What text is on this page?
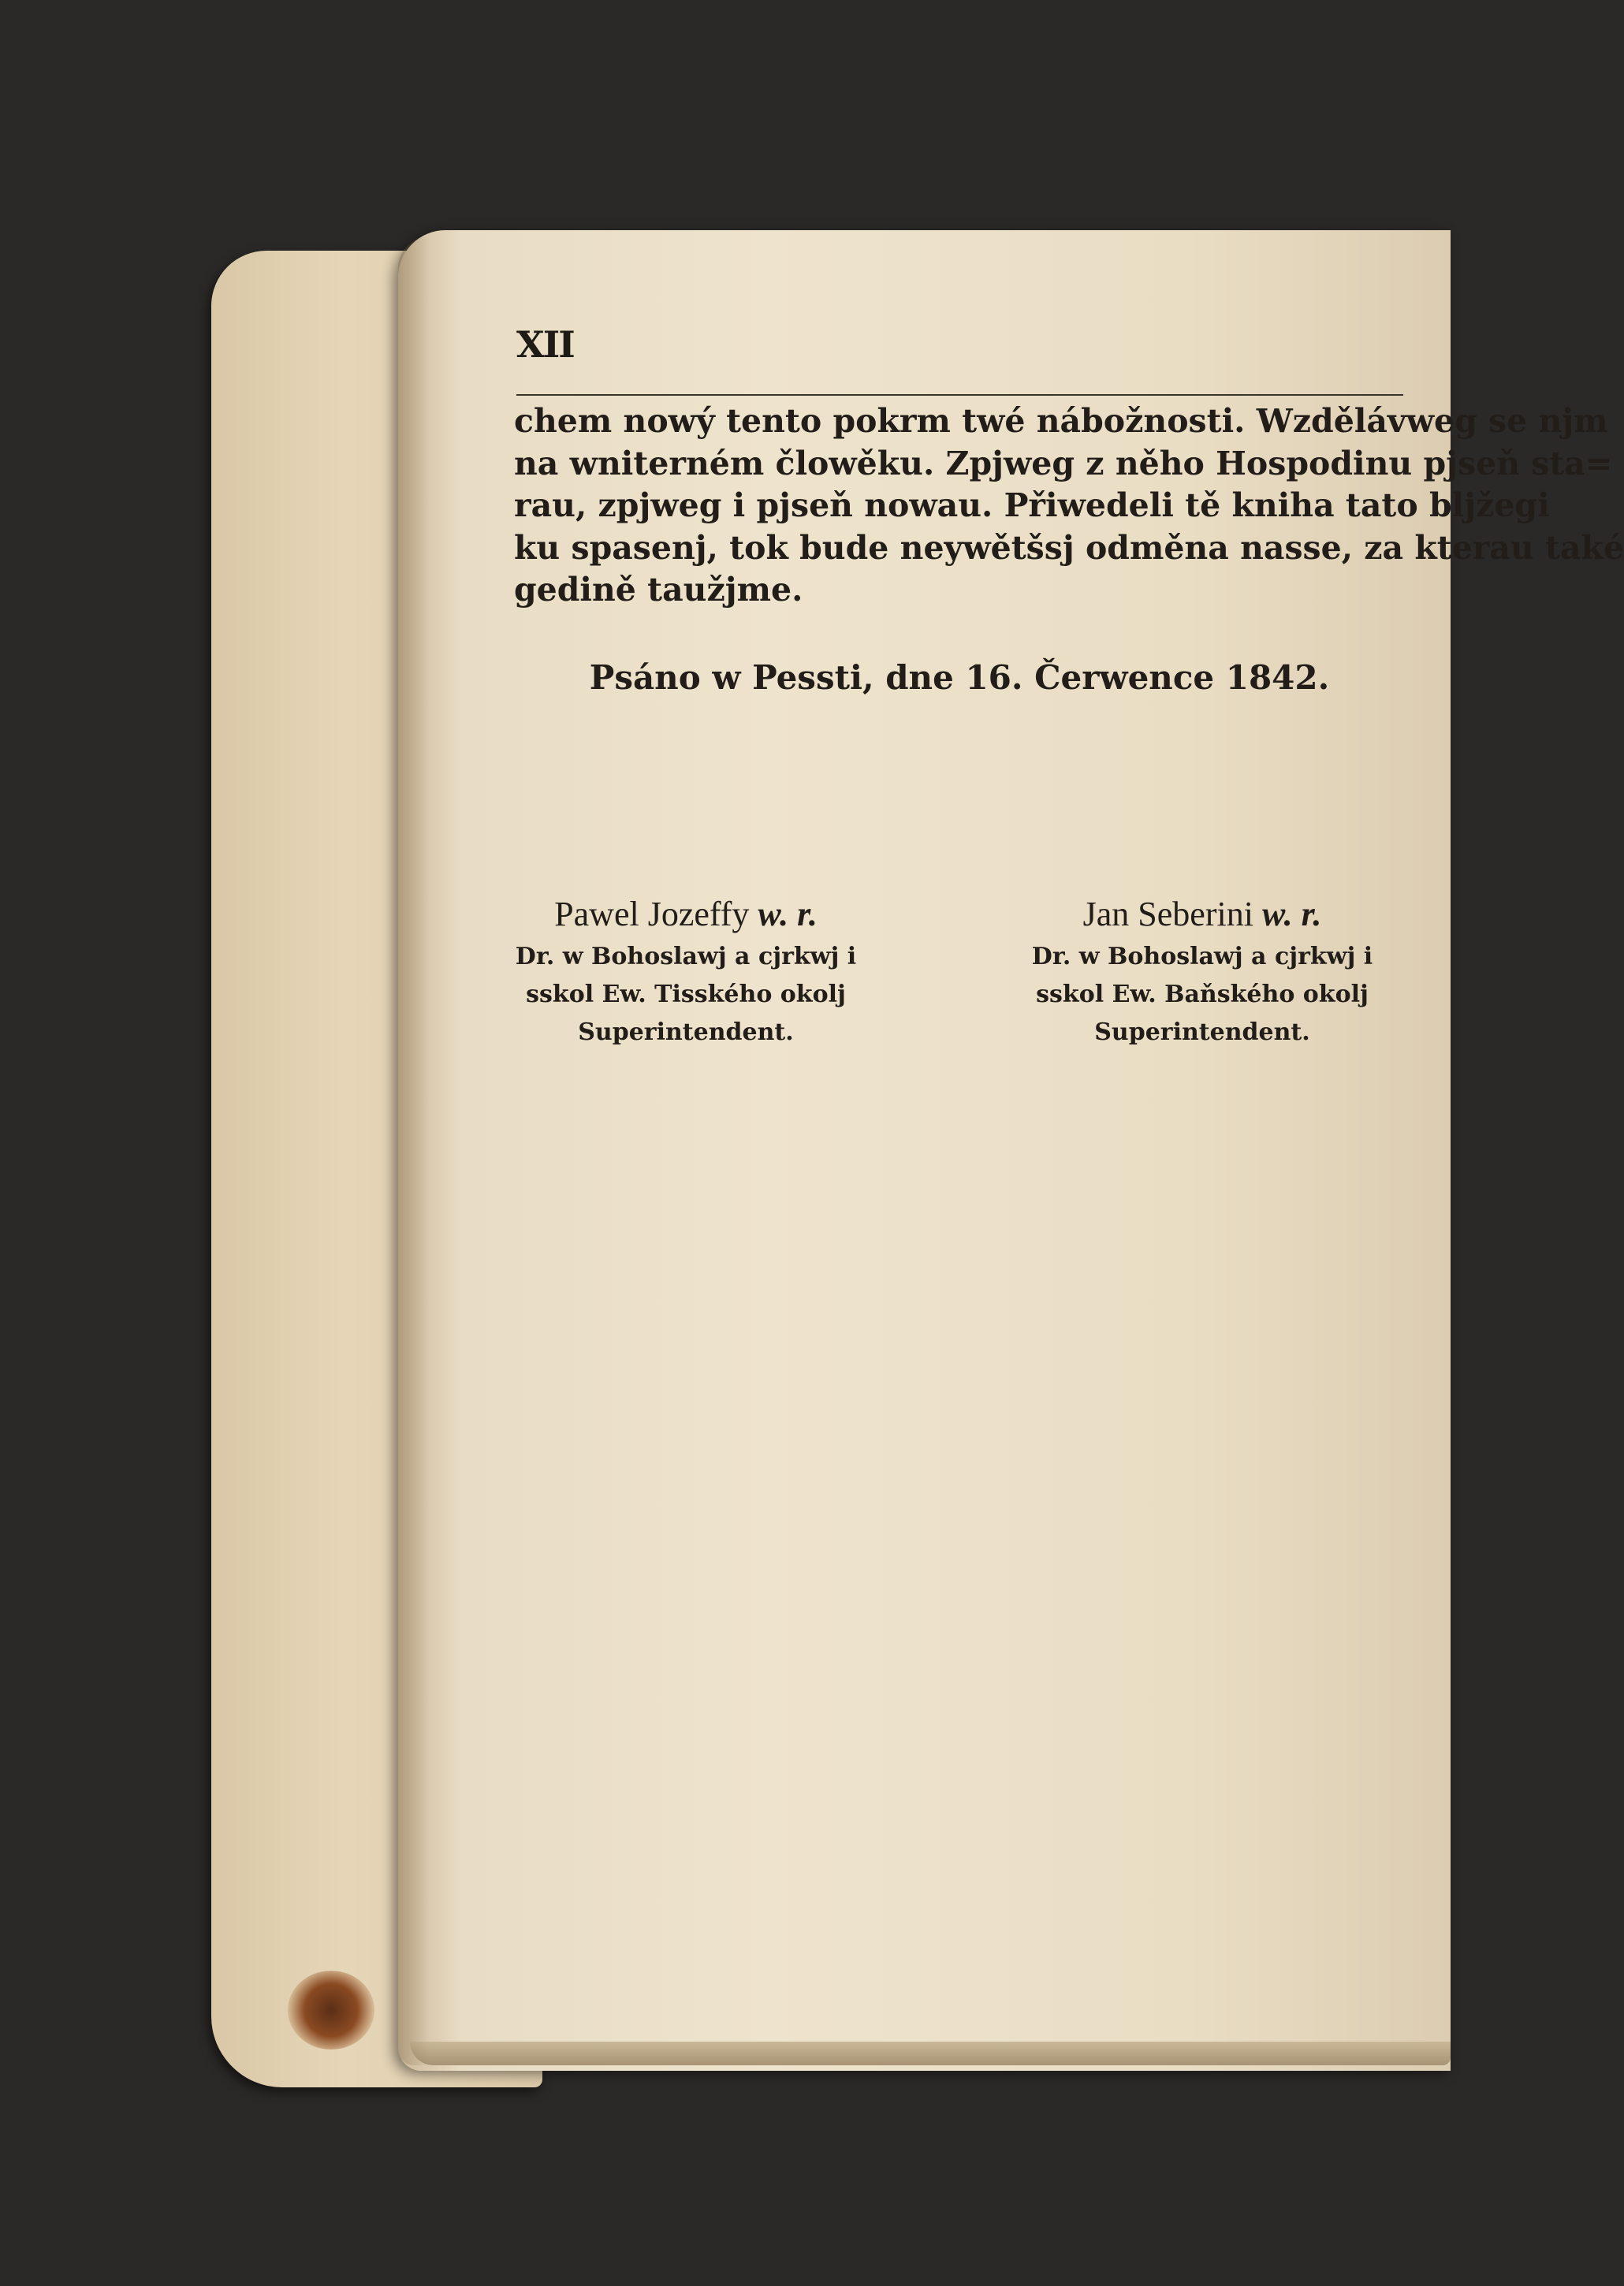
XII
chem nowý tento pokrm twé nábožnosti. Wzdělávweg se njm
na wniterném člowěku. Zpjweg z něho Hospodinu pjseň sta=
rau, zpjweg i pjseň nowau. Přiwedeli tě kniha tato bljžegi
ku spasenj, tok bude neywětšsj odměna nasse, za kterau také
gedině taužjme.
Psáno w Pessti, dne 16. Čerwence 1842.
Pawel Jozeffy w. r.
Dr. w Bohoslawj a cjrkwj i
sskol Ew. Tisského okolj
Superintendent.
Jan Seberini w. r.
Dr. w Bohoslawj a cjrkwj i
sskol Ew. Baňského okolj
Superintendent.
